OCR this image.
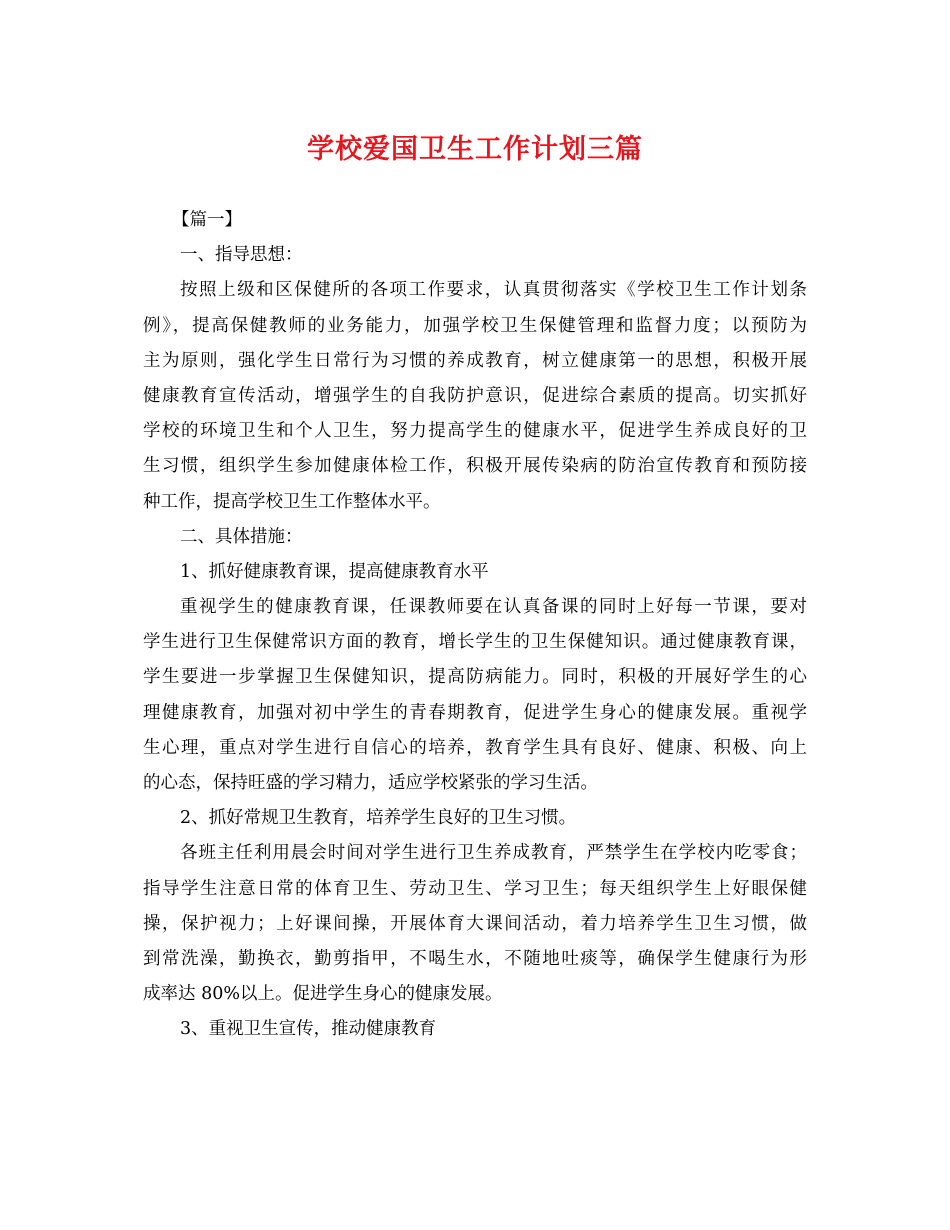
学校爱国卫生工作计划三篇
【篇一】
一、指导思想：
按照上级和区保健所的各项工作要求，认真贯彻落实《学校卫生工作计划条
例》，提高保健教师的业务能力，加强学校卫生保健管理和监督力度；以预防为
主为原则，强化学生日常行为习惯的养成教育，树立健康第一的思想，积极开展
健康教育宣传活动，增强学生的自我防护意识，促进综合素质的提高。切实抓好
学校的环境卫生和个人卫生，努力提高学生的健康水平，促进学生养成良好的卫
生习惯，组织学生参加健康体检工作，积极开展传染病的防治宣传教育和预防接
种工作，提高学校卫生工作整体水平。
二、具体措施：
1、抓好健康教育课，提高健康教育水平
重视学生的健康教育课，任课教师要在认真备课的同时上好每一节课，要对
学生进行卫生保健常识方面的教育，增长学生的卫生保健知识。通过健康教育课，
学生要进一步掌握卫生保健知识，提高防病能力。同时，积极的开展好学生的心
理健康教育，加强对初中学生的青春期教育，促进学生身心的健康发展。重视学
生心理，重点对学生进行自信心的培养，教育学生具有良好、健康、积极、向上
的心态，保持旺盛的学习精力，适应学校紧张的学习生活。
2、抓好常规卫生教育，培养学生良好的卫生习惯。
各班主任利用晨会时间对学生进行卫生养成教育，严禁学生在学校内吃零食；
指导学生注意日常的体育卫生、劳动卫生、学习卫生；每天组织学生上好眼保健
操，保护视力；上好课间操，开展体育大课间活动，着力培养学生卫生习惯，做
到常洗澡，勤换衣，勤剪指甲，不喝生水，不随地吐痰等，确保学生健康行为形
成率达 80%以上。促进学生身心的健康发展。
3、重视卫生宣传，推动健康教育
